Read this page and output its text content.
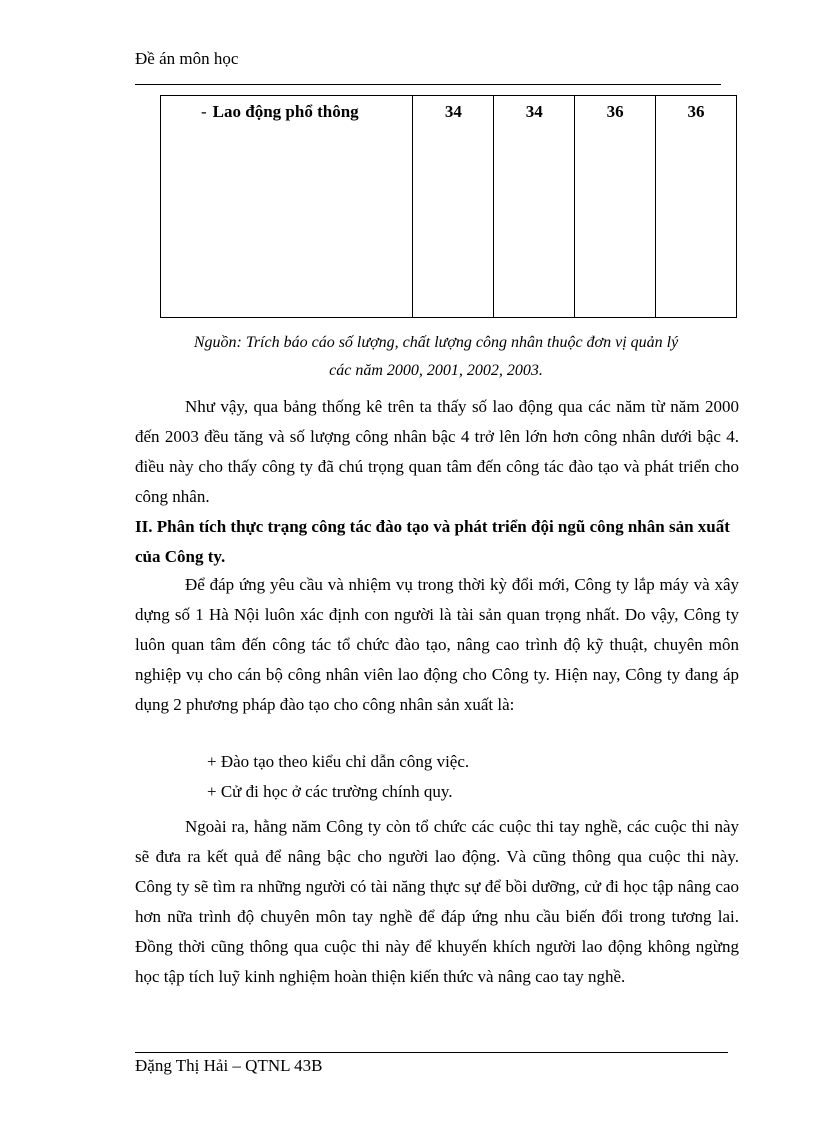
Đề án môn học
- Lao động phổ thông	34	34	36	36
Nguồn: Trích báo cáo số lượng, chất lượng công nhân thuộc đơn vị quản lý
các năm 2000, 2001, 2002, 2003.
Như vậy, qua bảng thống kê trên ta thấy số lao động qua các năm từ năm 2000 đến 2003 đều tăng và số lượng công nhân bậc 4 trở lên lớn hơn công nhân dưới bậc 4. điều này cho thấy công ty đã chú trọng quan tâm đến công tác đào tạo và phát triển cho công nhân.
II. Phân tích thực trạng công tác đào tạo và phát triển đội ngũ công nhân sản xuất của Công ty.
Để đáp ứng yêu cầu và nhiệm vụ trong thời kỳ đổi mới, Công ty lắp máy và xây dựng số 1 Hà Nội luôn xác định con người là tài sản quan trọng nhất. Do vậy, Công ty luôn quan tâm đến công tác tổ chức đào tạo, nâng cao trình độ kỹ thuật, chuyên môn nghiệp vụ cho cán bộ công nhân viên lao động cho Công ty. Hiện nay, Công ty đang áp dụng 2 phương pháp đào tạo cho công nhân sản xuất là:
+ Đào tạo theo kiểu chỉ dẫn công việc.
+ Cử đi học ở các trường chính quy.
Ngoài ra, hằng năm Công ty còn tổ chức các cuộc thi tay nghề, các cuộc thi này sẽ đưa ra kết quả để nâng bậc cho người lao động. Và cũng thông qua cuộc thi này. Công ty sẽ tìm ra những người có tài năng thực sự để bồi dưỡng, cử đi học tập nâng cao hơn nữa trình độ chuyên môn tay nghề để đáp ứng nhu cầu biến đổi trong tương lai. Đồng thời cũng thông qua cuộc thi này để khuyến khích người lao động không ngừng học tập tích luỹ kinh nghiệm hoàn thiện kiến thức và nâng cao tay nghề.
Đặng Thị Hải – QTNL 43B
